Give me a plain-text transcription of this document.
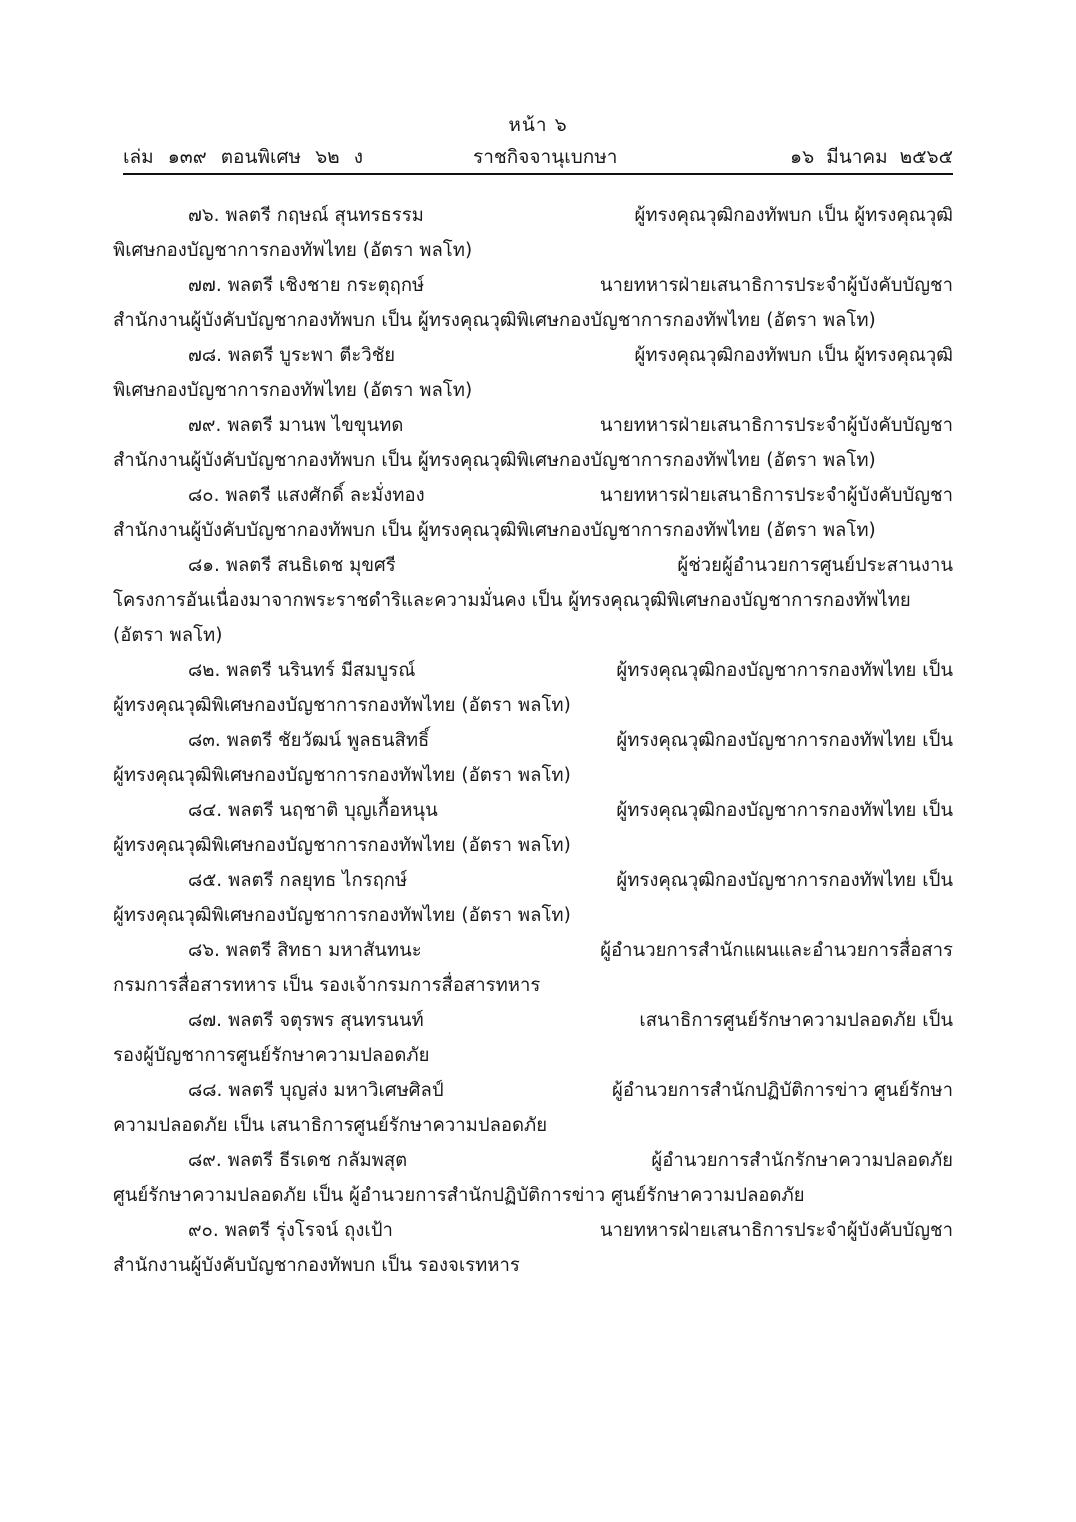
หน้า ๖
เล่ม ๑๓๙ ตอนพิเศษ ๖๒ ง	ราชกิจจานุเบกษา	๑๖ มีนาคม ๒๕๖๕
๗๖. พลตรี กฤษณ์ สุนทรธรรม	ผู้ทรงคุณวุฒิกองทัพบก เป็น ผู้ทรงคุณวุฒิ
พิเศษกองบัญชาการกองทัพไทย (อัตรา พลโท)
๗๗. พลตรี เชิงชาย กระตุฤกษ์	นายทหารฝ่ายเสนาธิการประจำผู้บังคับบัญชา
สำนักงานผู้บังคับบัญชากองทัพบก เป็น ผู้ทรงคุณวุฒิพิเศษกองบัญชาการกองทัพไทย (อัตรา พลโท)
๗๘. พลตรี บูระพา ตีะวิชัย	ผู้ทรงคุณวุฒิกองทัพบก เป็น ผู้ทรงคุณวุฒิ
พิเศษกองบัญชาการกองทัพไทย (อัตรา พลโท)
๗๙. พลตรี มานพ ไขขุนทด	นายทหารฝ่ายเสนาธิการประจำผู้บังคับบัญชา
สำนักงานผู้บังคับบัญชากองทัพบก เป็น ผู้ทรงคุณวุฒิพิเศษกองบัญชาการกองทัพไทย (อัตรา พลโท)
๘๐. พลตรี แสงศักดิ์ ละมั่งทอง	นายทหารฝ่ายเสนาธิการประจำผู้บังคับบัญชา
สำนักงานผู้บังคับบัญชากองทัพบก เป็น ผู้ทรงคุณวุฒิพิเศษกองบัญชาการกองทัพไทย (อัตรา พลโท)
๘๑. พลตรี สนธิเดช มุขศรี	ผู้ช่วยผู้อำนวยการศูนย์ประสานงาน
โครงการอันเนื่องมาจากพระราชดำริและความมั่นคง เป็น ผู้ทรงคุณวุฒิพิเศษกองบัญชาการกองทัพไทย
(อัตรา พลโท)
๘๒. พลตรี นรินทร์ มีสมบูรณ์	ผู้ทรงคุณวุฒิกองบัญชาการกองทัพไทย เป็น
ผู้ทรงคุณวุฒิพิเศษกองบัญชาการกองทัพไทย (อัตรา พลโท)
๘๓. พลตรี ชัยวัฒน์ พูลธนสิทธิ์	ผู้ทรงคุณวุฒิกองบัญชาการกองทัพไทย เป็น
ผู้ทรงคุณวุฒิพิเศษกองบัญชาการกองทัพไทย (อัตรา พลโท)
๘๔. พลตรี นฤชาติ บุญเกื้อหนุน	ผู้ทรงคุณวุฒิกองบัญชาการกองทัพไทย เป็น
ผู้ทรงคุณวุฒิพิเศษกองบัญชาการกองทัพไทย (อัตรา พลโท)
๘๕. พลตรี กลยุทธ ไกรฤกษ์	ผู้ทรงคุณวุฒิกองบัญชาการกองทัพไทย เป็น
ผู้ทรงคุณวุฒิพิเศษกองบัญชาการกองทัพไทย (อัตรา พลโท)
๘๖. พลตรี สิทธา มหาสันทนะ	ผู้อำนวยการสำนักแผนและอำนวยการสื่อสาร
กรมการสื่อสารทหาร เป็น รองเจ้ากรมการสื่อสารทหาร
๘๗. พลตรี จตุรพร สุนทรนนท์	เสนาธิการศูนย์รักษาความปลอดภัย เป็น
รองผู้บัญชาการศูนย์รักษาความปลอดภัย
๘๘. พลตรี บุญส่ง มหาวิเศษศิลป์	ผู้อำนวยการสำนักปฏิบัติการข่าว ศูนย์รักษา
ความปลอดภัย เป็น เสนาธิการศูนย์รักษาความปลอดภัย
๘๙. พลตรี ธีรเดช กลัมพสุต	ผู้อำนวยการสำนักรักษาความปลอดภัย
ศูนย์รักษาความปลอดภัย เป็น ผู้อำนวยการสำนักปฏิบัติการข่าว ศูนย์รักษาความปลอดภัย
๙๐. พลตรี รุ่งโรจน์ ถุงเป้า	นายทหารฝ่ายเสนาธิการประจำผู้บังคับบัญชา
สำนักงานผู้บังคับบัญชากองทัพบก เป็น รองจเรทหาร
